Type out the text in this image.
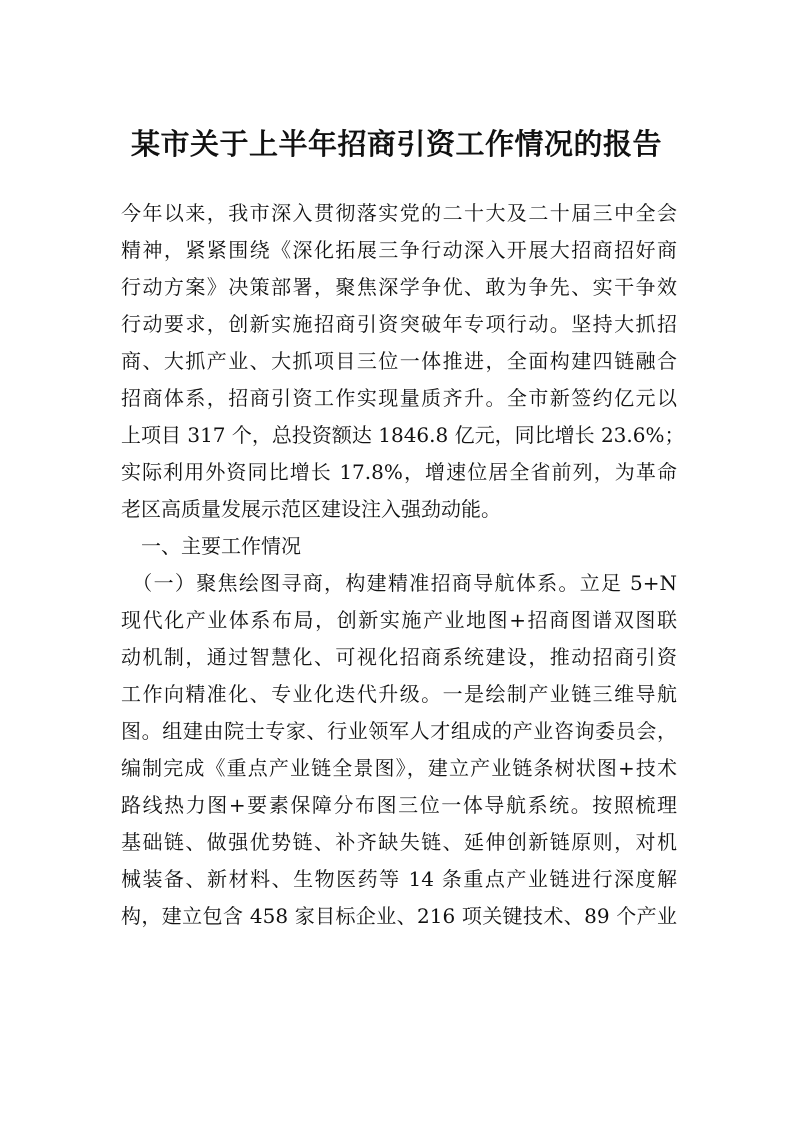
某市关于上半年招商引资工作情况的报告
今年以来，我市深入贯彻落实党的二十大及二十届三中全会
精神，紧紧围绕《深化拓展三争行动深入开展大招商招好商
行动方案》决策部署，聚焦深学争优、敢为争先、实干争效
行动要求，创新实施招商引资突破年专项行动。坚持大抓招
商、大抓产业、大抓项目三位一体推进，全面构建四链融合
招商体系，招商引资工作实现量质齐升。全市新签约亿元以
上项目 317 个，总投资额达 1846.8 亿元，同比增长 23.6%；
实际利用外资同比增长 17.8%，增速位居全省前列，为革命
老区高质量发展示范区建设注入强劲动能。
　一、主要工作情况
　（一）聚焦绘图寻商，构建精准招商导航体系。立足 5+N
现代化产业体系布局，创新实施产业地图+招商图谱双图联
动机制，通过智慧化、可视化招商系统建设，推动招商引资
工作向精准化、专业化迭代升级。一是绘制产业链三维导航
图。组建由院士专家、行业领军人才组成的产业咨询委员会，
编制完成《重点产业链全景图》，建立产业链条树状图+技术
路线热力图+要素保障分布图三位一体导航系统。按照梳理
基础链、做强优势链、补齐缺失链、延伸创新链原则，对机
械装备、新材料、生物医药等 14 条重点产业链进行深度解
构，建立包含 458 家目标企业、216 项关键技术、89 个产业
